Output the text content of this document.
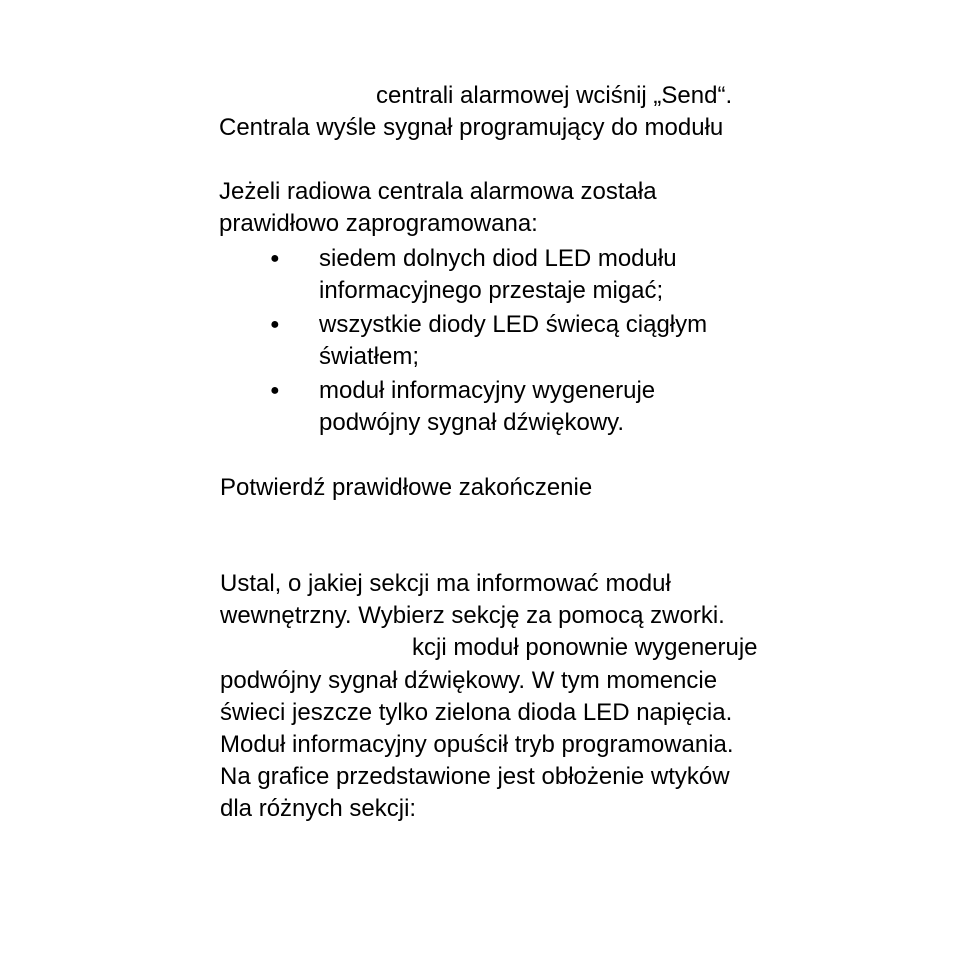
centrali alarmowej wciśnij „Send“.
Centrala wyśle sygnał programujący do modułu
Jeżeli radiowa centrala alarmowa została
prawidłowo zaprogramowana:
● siedem dolnych diod LED modułu
informacyjnego przestaje migać;
● wszystkie diody LED świecą ciągłym
światłem;
● moduł informacyjny wygeneruje
podwójny sygnał dźwiękowy.
Potwierdź prawidłowe zakończenie
Ustal, o jakiej sekcji ma informować moduł
wewnętrzny. Wybierz sekcję za pomocą zworki.
kcji moduł ponownie wygeneruje
podwójny sygnał dźwiękowy. W tym momencie
świeci jeszcze tylko zielona dioda LED napięcia.
Moduł informacyjny opuścił tryb programowania.
Na grafice przedstawione jest obłożenie wtyków
dla różnych sekcji:
